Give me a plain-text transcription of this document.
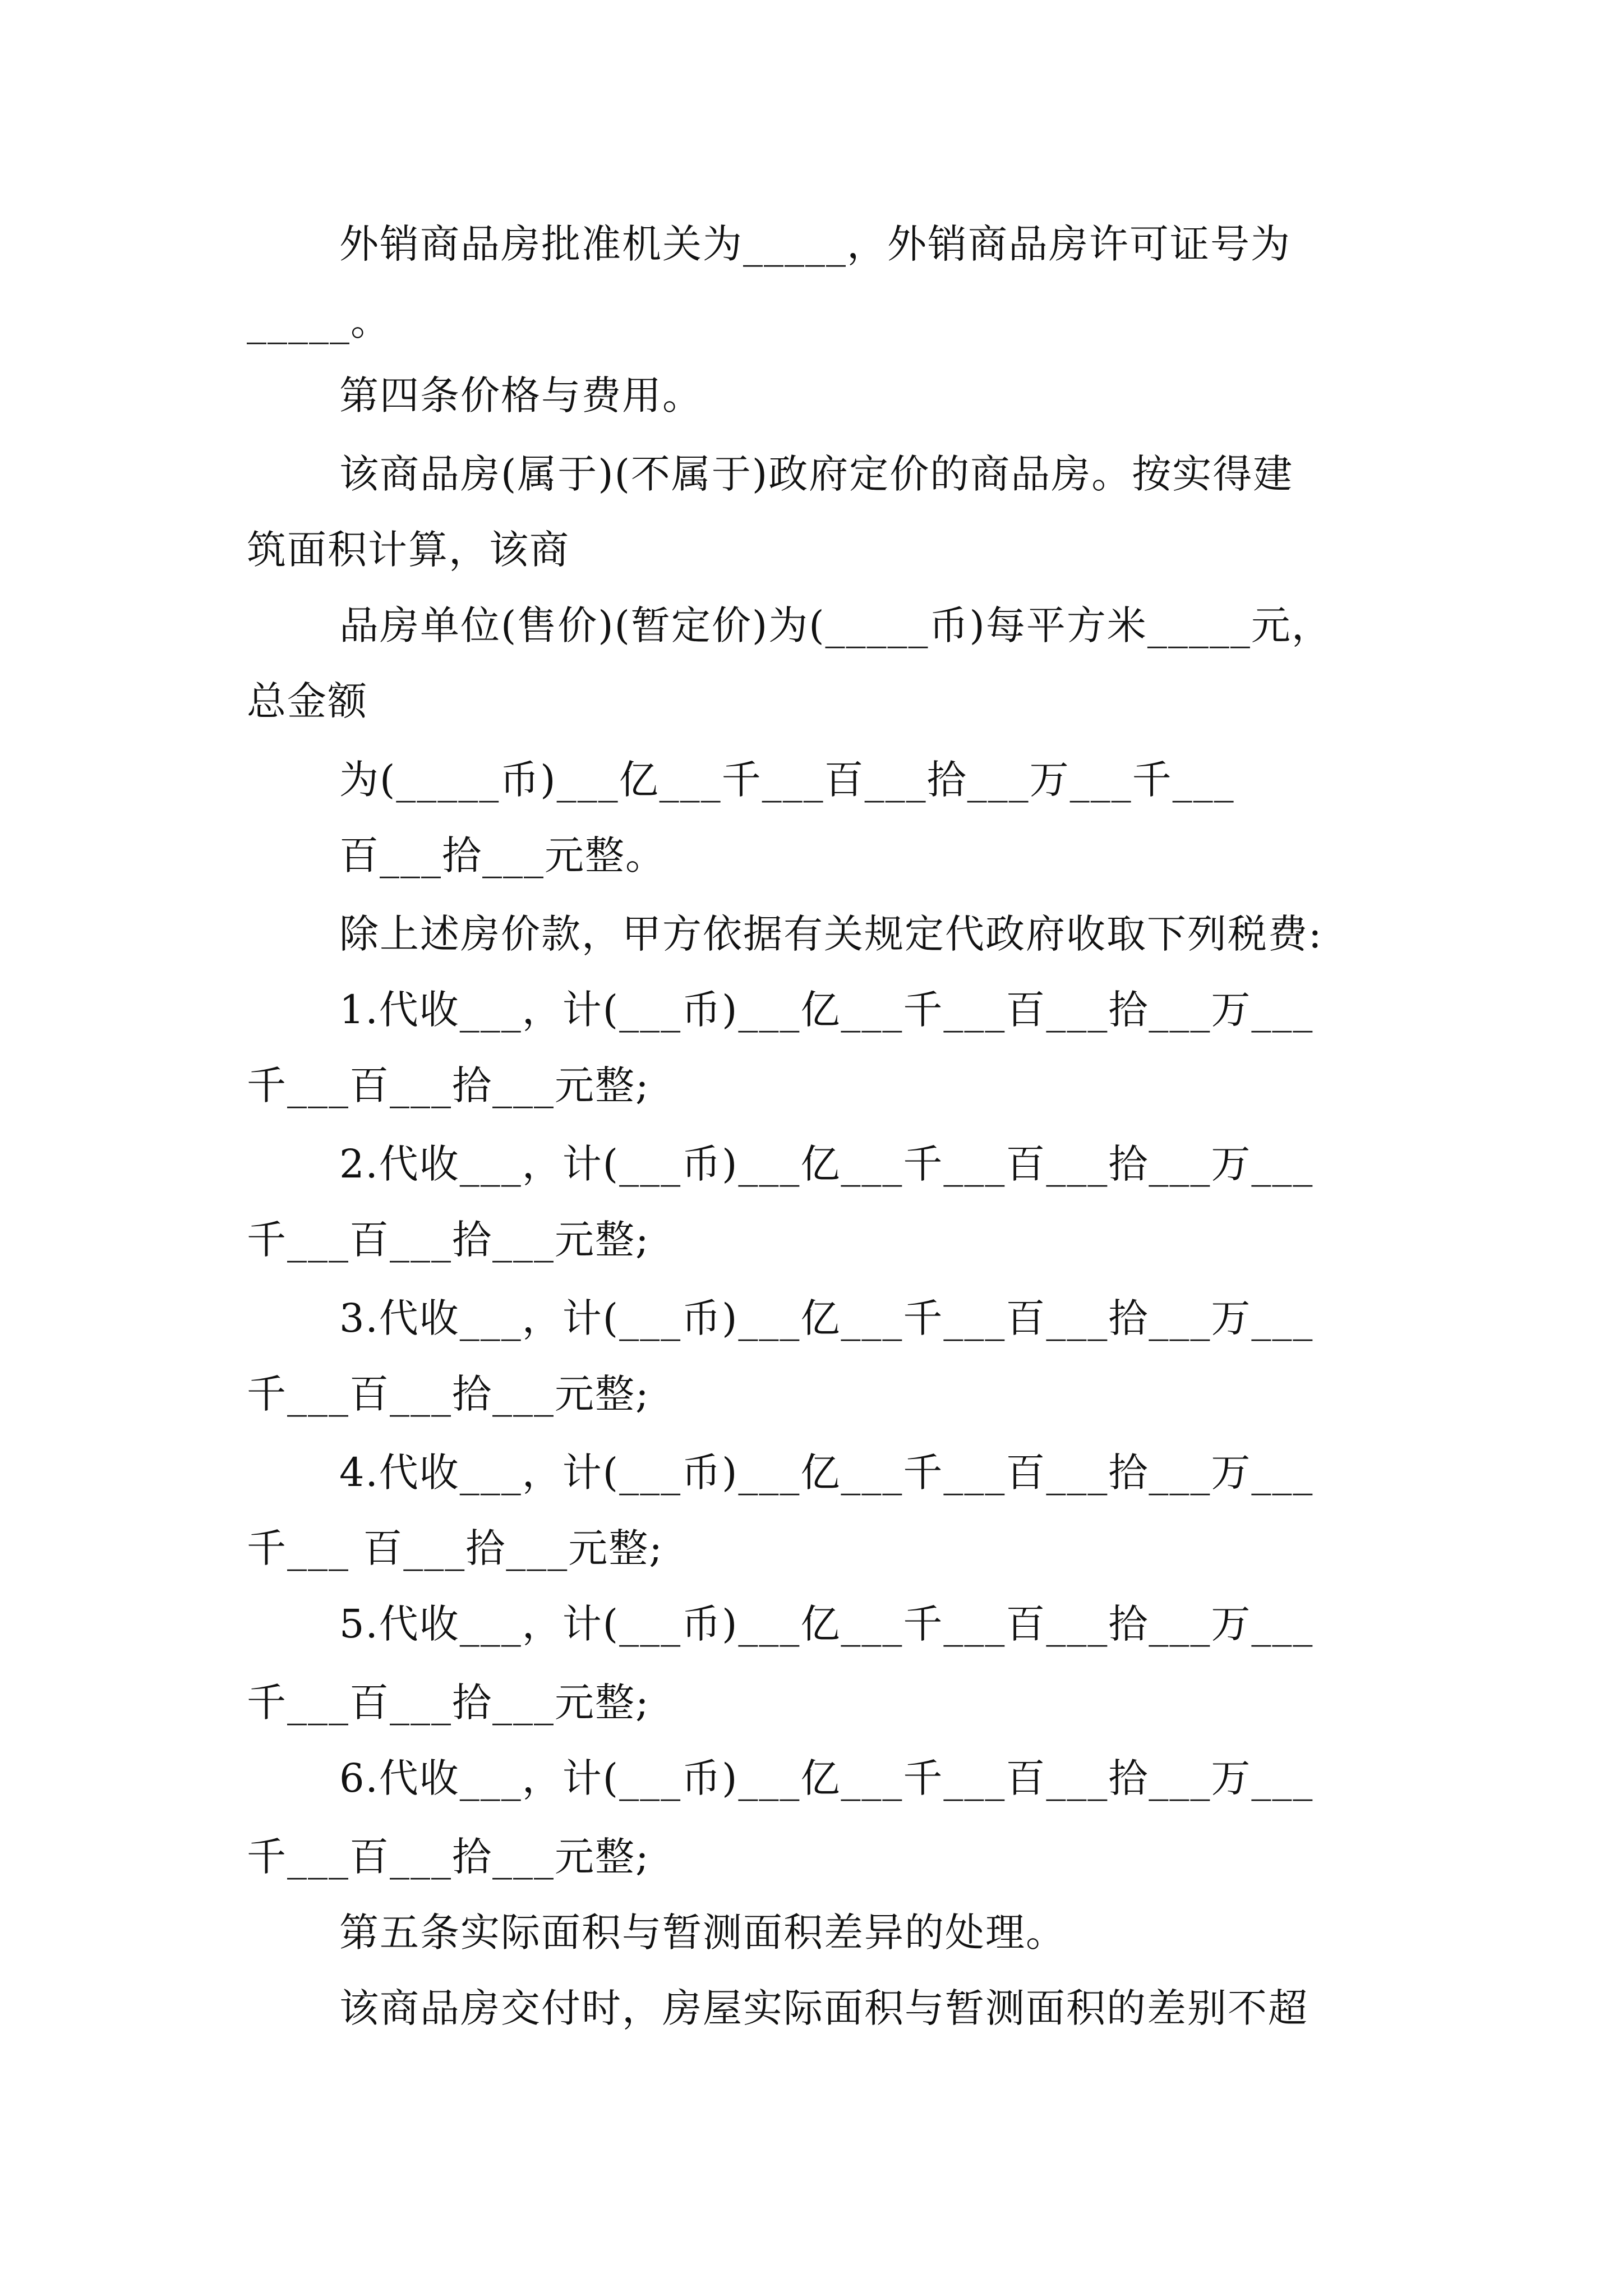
外销商品房批准机关为_____，外销商品房许可证号为
_____。
第四条价格与费用。
该商品房(属于)(不属于)政府定价的商品房。按实得建
筑面积计算，该商
品房单位(售价)(暂定价)为(_____币)每平方米_____元，
总金额
为(_____币)___亿___千___百___拾___万___千___
百___拾___元整。
除上述房价款，甲方依据有关规定代政府收取下列税费:
1.代收___，计(___币)___亿___千___百___拾___万___
千___百___拾___元整;
2.代收___，计(___币)___亿___千___百___拾___万___
千___百___拾___元整;
3.代收___，计(___币)___亿___千___百___拾___万___
千___百___拾___元整;
4.代收___，计(___币)___亿___千___百___拾___万___
千___ 百___拾___元整;
5.代收___，计(___币)___亿___千___百___拾___万___
千___百___拾___元整;
6.代收___，计(___币)___亿___千___百___拾___万___
千___百___拾___元整;
第五条实际面积与暂测面积差异的处理。
该商品房交付时，房屋实际面积与暂测面积的差别不超
